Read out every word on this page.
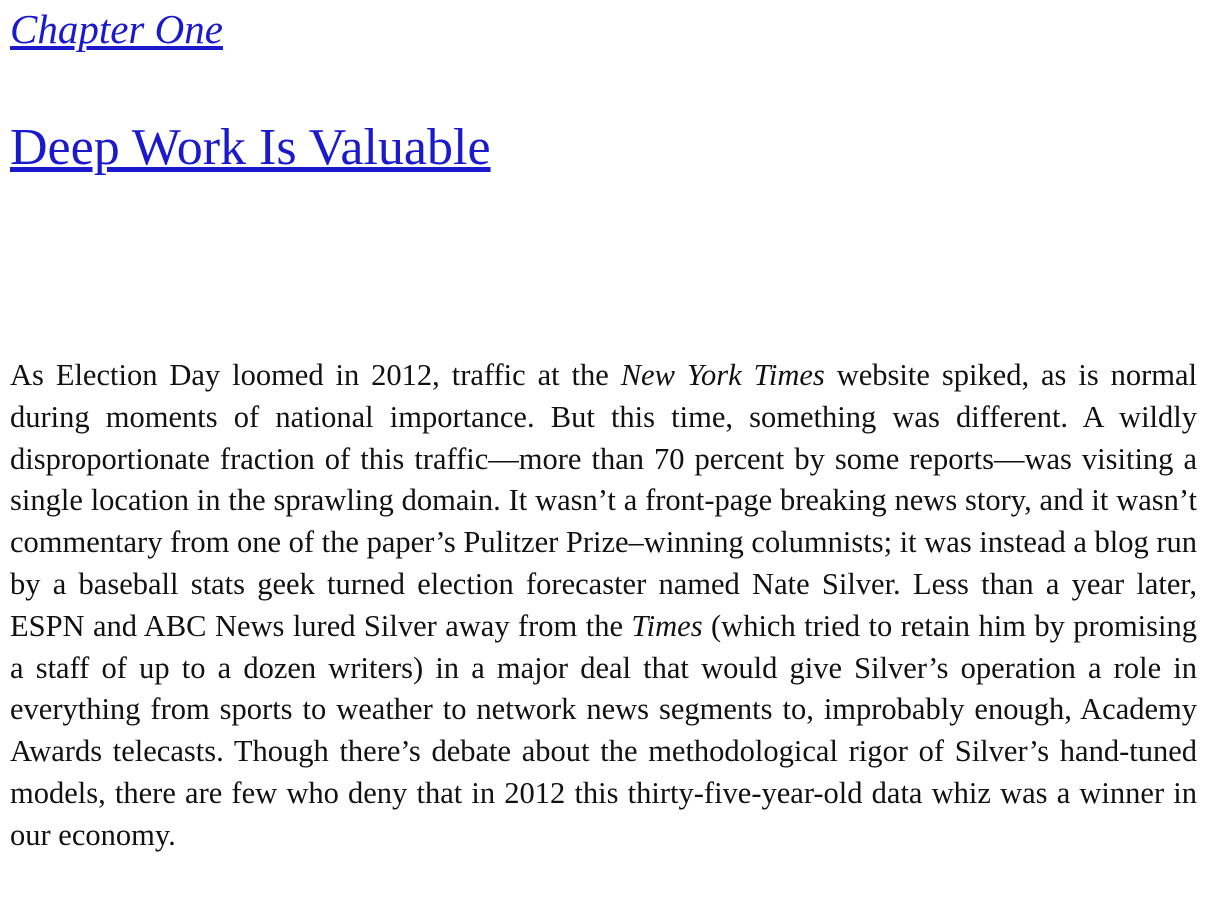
Chapter One
Deep Work Is Valuable

As Election Day loomed in 2012, traffic at the New York Times website spiked, as is normal during moments of national importance. But this time, something was different. A wildly disproportionate fraction of this traffic—more than 70 percent by some reports—was visiting a single location in the sprawling domain. It wasn’t a front-page breaking news story, and it wasn’t commentary from one of the paper’s Pulitzer Prize–winning columnists; it was instead a blog run by a baseball stats geek turned election forecaster named Nate Silver. Less than a year later, ESPN and ABC News lured Silver away from the Times (which tried to retain him by promising a staff of up to a dozen writers) in a major deal that would give Silver’s operation a role in everything from sports to weather to network news segments to, improbably enough, Academy Awards telecasts. Though there’s debate about the methodological rigor of Silver’s hand-tuned models, there are few who deny that in 2012 this thirty-five-year-old data whiz was a winner in our economy.
